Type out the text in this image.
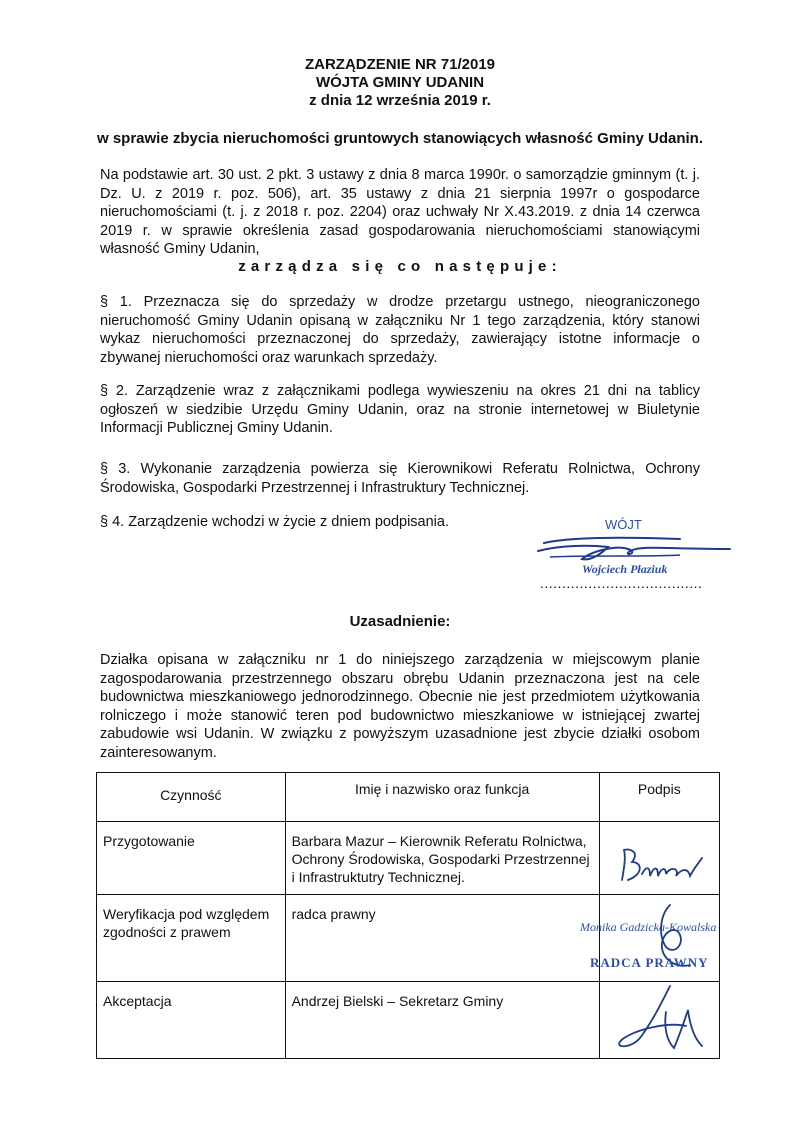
ZARZĄDZENIE NR 71/2019
WÓJTA GMINY UDANIN
z dnia 12 września 2019 r.
w sprawie zbycia nieruchomości gruntowych stanowiących własność Gminy Udanin.
Na podstawie art. 30 ust. 2 pkt. 3 ustawy z dnia 8 marca 1990r. o samorządzie gminnym (t. j. Dz. U. z 2019 r. poz. 506), art. 35 ustawy z dnia 21 sierpnia 1997r o gospodarce nieruchomościami (t. j. z 2018 r. poz. 2204) oraz uchwały Nr X.43.2019. z dnia 14 czerwca 2019 r. w sprawie określenia zasad gospodarowania nieruchomościami stanowiącymi własność Gminy Udanin,
zarządza się co następuje:
§ 1. Przeznacza się do sprzedaży w drodze przetargu ustnego, nieograniczonego nieruchomość Gminy Udanin opisaną w załączniku Nr 1 tego zarządzenia, który stanowi wykaz nieruchomości przeznaczonej do sprzedaży, zawierający istotne informacje o zbywanej nieruchomości oraz warunkach sprzedaży.
§ 2. Zarządzenie wraz z załącznikami podlega wywieszeniu na okres 21 dni na tablicy ogłoszeń w siedzibie Urzędu Gminy Udanin, oraz na stronie internetowej w Biuletynie Informacji Publicznej Gminy Udanin.
§ 3. Wykonanie zarządzenia powierza się Kierownikowi Referatu Rolnictwa, Ochrony Środowiska, Gospodarki Przestrzennej i Infrastruktury Technicznej.
§ 4. Zarządzenie wchodzi w życie z dniem podpisania.	WÓJT
Wojciech Płaziuk
.....................................
Uzasadnienie:
Działka opisana w załączniku nr 1 do niniejszego zarządzenia w miejscowym planie zagospodarowania przestrzennego obszaru obrębu Udanin przeznaczona jest na cele budownictwa mieszkaniowego jednorodzinnego. Obecnie nie jest przedmiotem użytkowania rolniczego i może stanowić teren pod budownictwo mieszkaniowe w istniejącej zwartej zabudowie wsi Udanin. W związku z powyższym uzasadnione jest zbycie działki osobom zainteresowanym.
Czynność	Imię i nazwisko oraz funkcja	Podpis

Przygotowanie	Barbara Mazur – Kierownik Referatu Rolnictwa, Ochrony Środowiska, Gospodarki Przestrzennej i Infrastruktutry Technicznej.

Weryfikacja pod względem zgodności z prawem	radca prawny	Monika Gadzicka-Kowalska
RADCA PRAWNY

Akceptacja	Andrzej Bielski – Sekretarz Gminy
